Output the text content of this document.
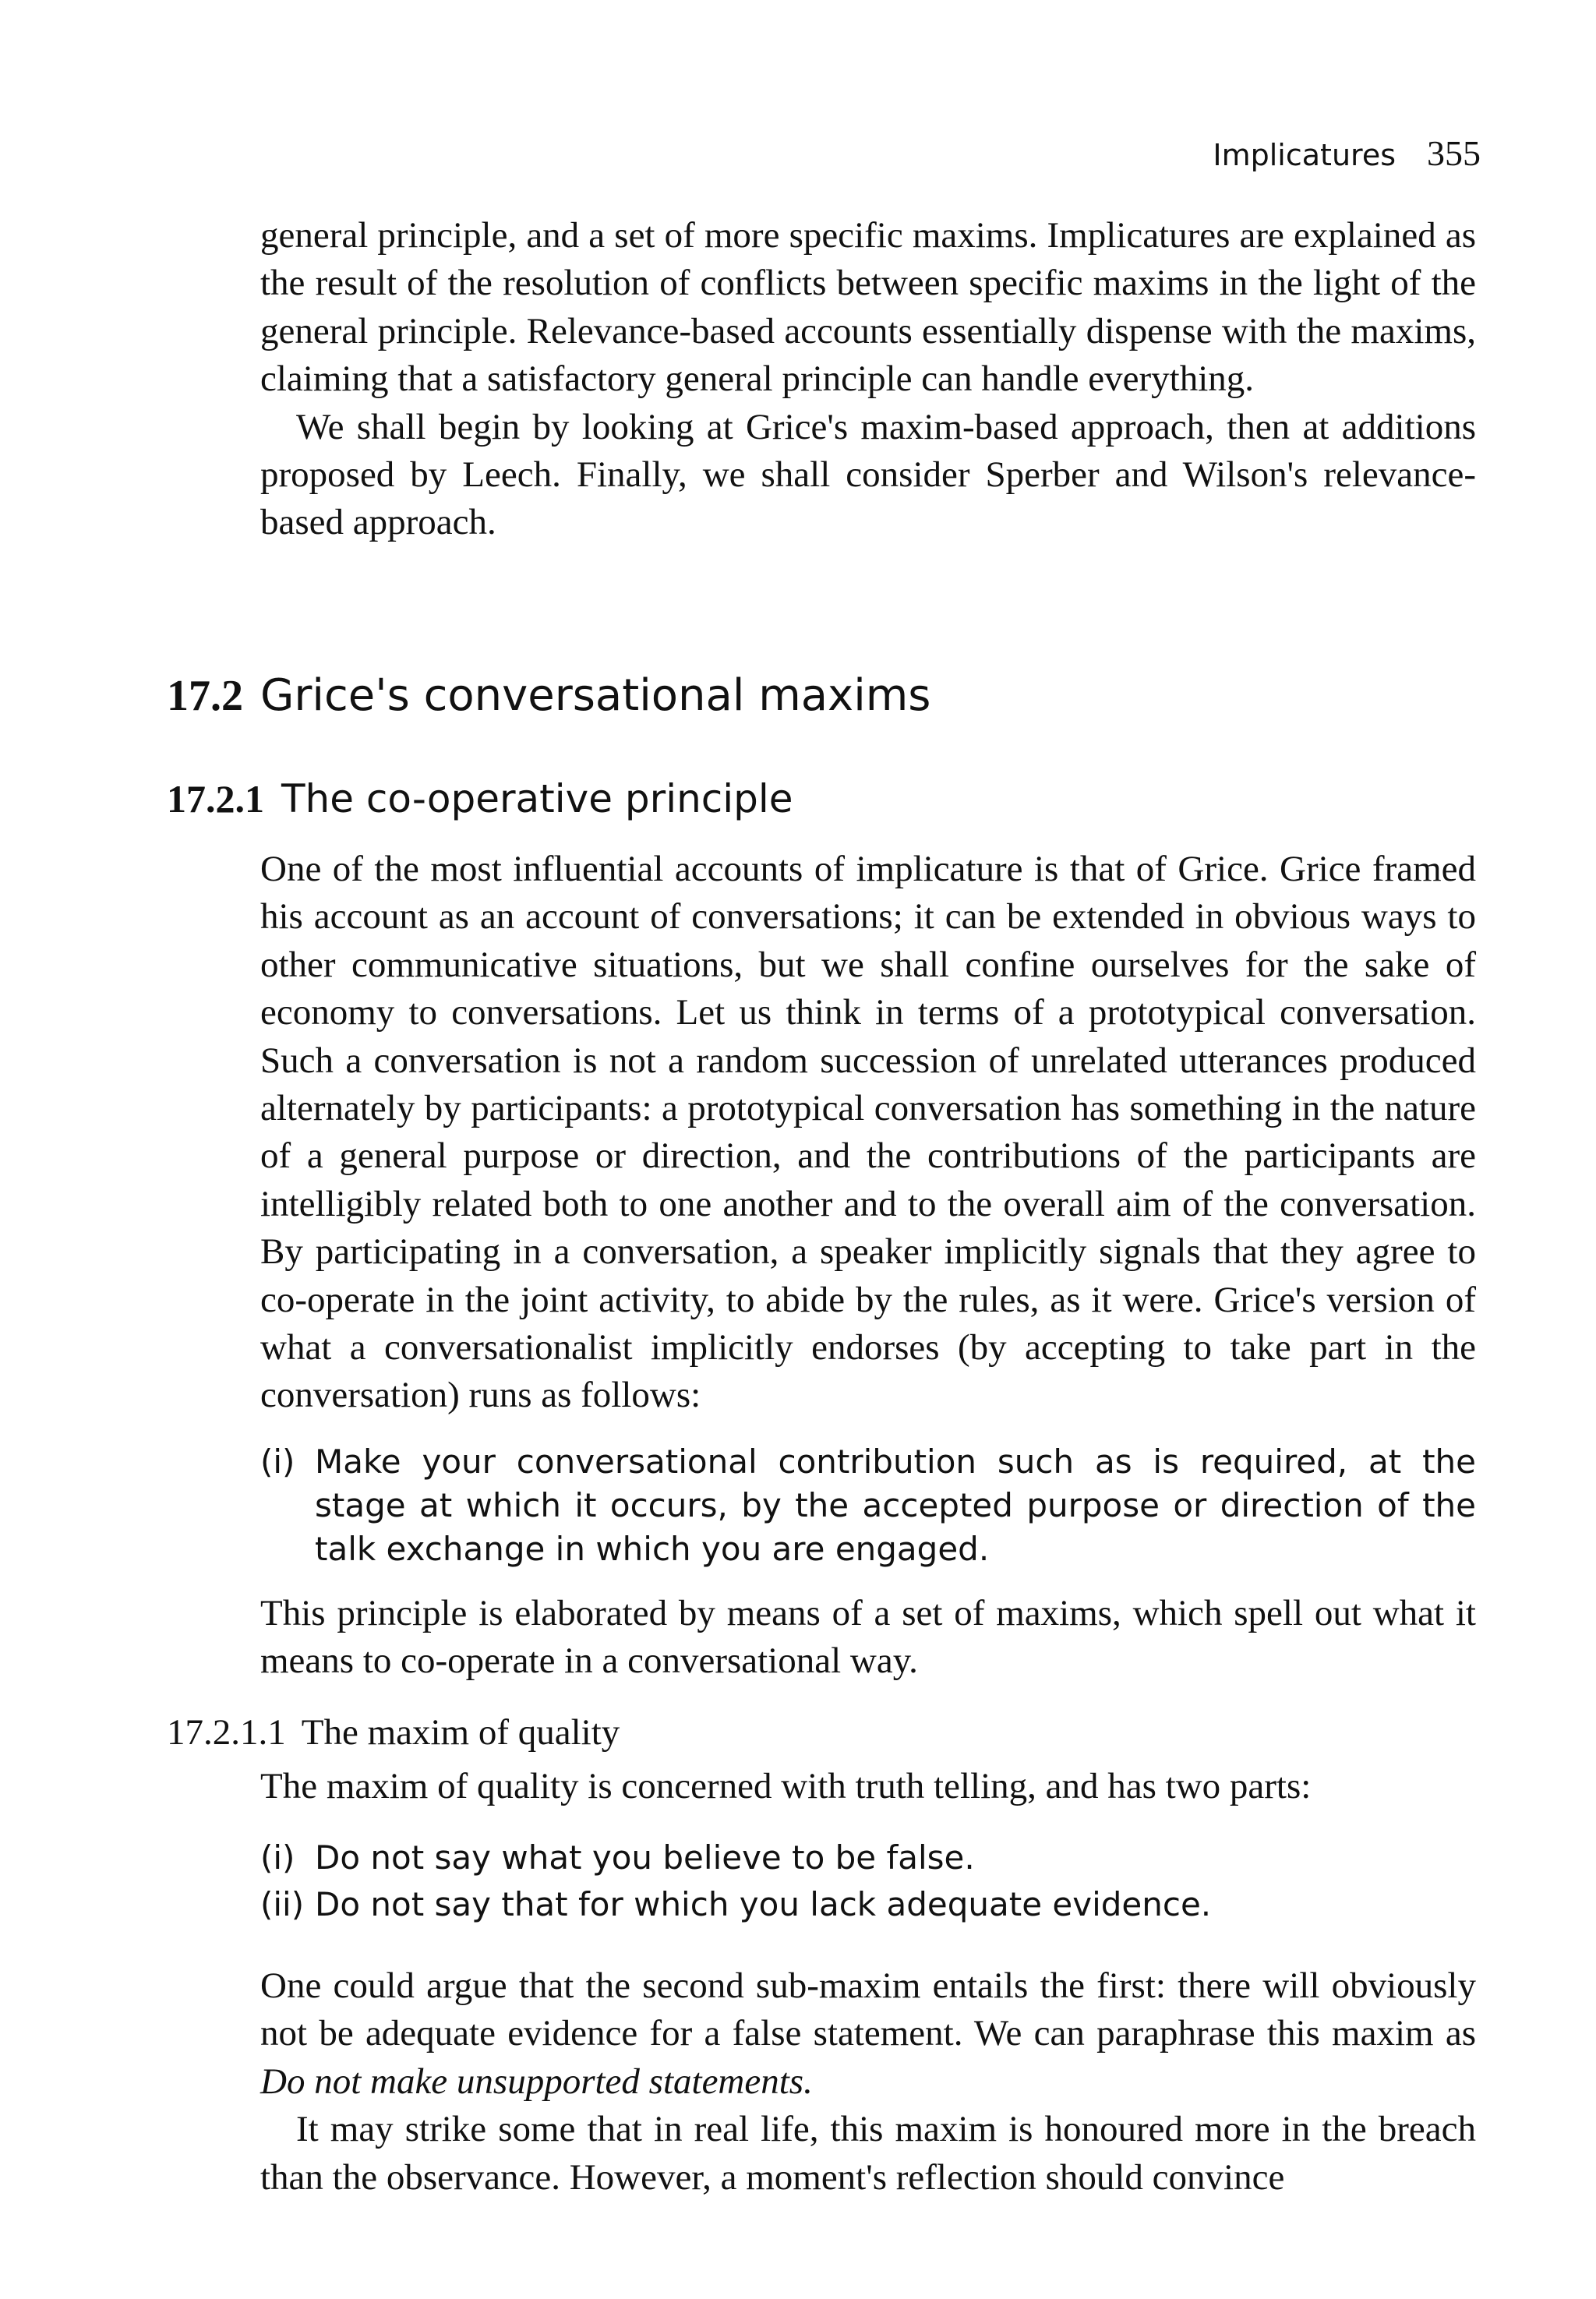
Implicatures 355

general principle, and a set of more specific maxims. Implicatures are explained as the result of the resolution of conflicts between specific maxims in the light of the general principle. Relevance-based accounts essentially dispense with the maxims, claiming that a satisfactory general principle can handle everything.

We shall begin by looking at Grice's maxim-based approach, then at additions proposed by Leech. Finally, we shall consider Sperber and Wilson's relevance-based approach.

17.2 Grice's conversational maxims
17.2.1 The co-operative principle

One of the most influential accounts of implicature is that of Grice. Grice framed his account as an account of conversations; it can be extended in obvious ways to other communicative situations, but we shall confine ourselves for the sake of economy to conversations. Let us think in terms of a prototypical conversation. Such a conversation is not a random succession of unrelated utterances produced alternately by participants: a prototypical conversation has something in the nature of a general purpose or direction, and the contributions of the participants are intelligibly related both to one another and to the overall aim of the conversation. By participating in a conversation, a speaker implicitly signals that they agree to co-operate in the joint activity, to abide by the rules, as it were. Grice's version of what a conversationalist implicitly endorses (by accepting to take part in the conversation) runs as follows:

(i) Make your conversational contribution such as is required, at the stage at which it occurs, by the accepted purpose or direction of the talk exchange in which you are engaged.

This principle is elaborated by means of a set of maxims, which spell out what it means to co-operate in a conversational way.

17.2.1.1 The maxim of quality

The maxim of quality is concerned with truth telling, and has two parts:

(i) Do not say what you believe to be false.
(ii) Do not say that for which you lack adequate evidence.

One could argue that the second sub-maxim entails the first: there will obviously not be adequate evidence for a false statement. We can paraphrase this maxim as Do not make unsupported statements.

It may strike some that in real life, this maxim is honoured more in the breach than the observance. However, a moment's reflection should convince
